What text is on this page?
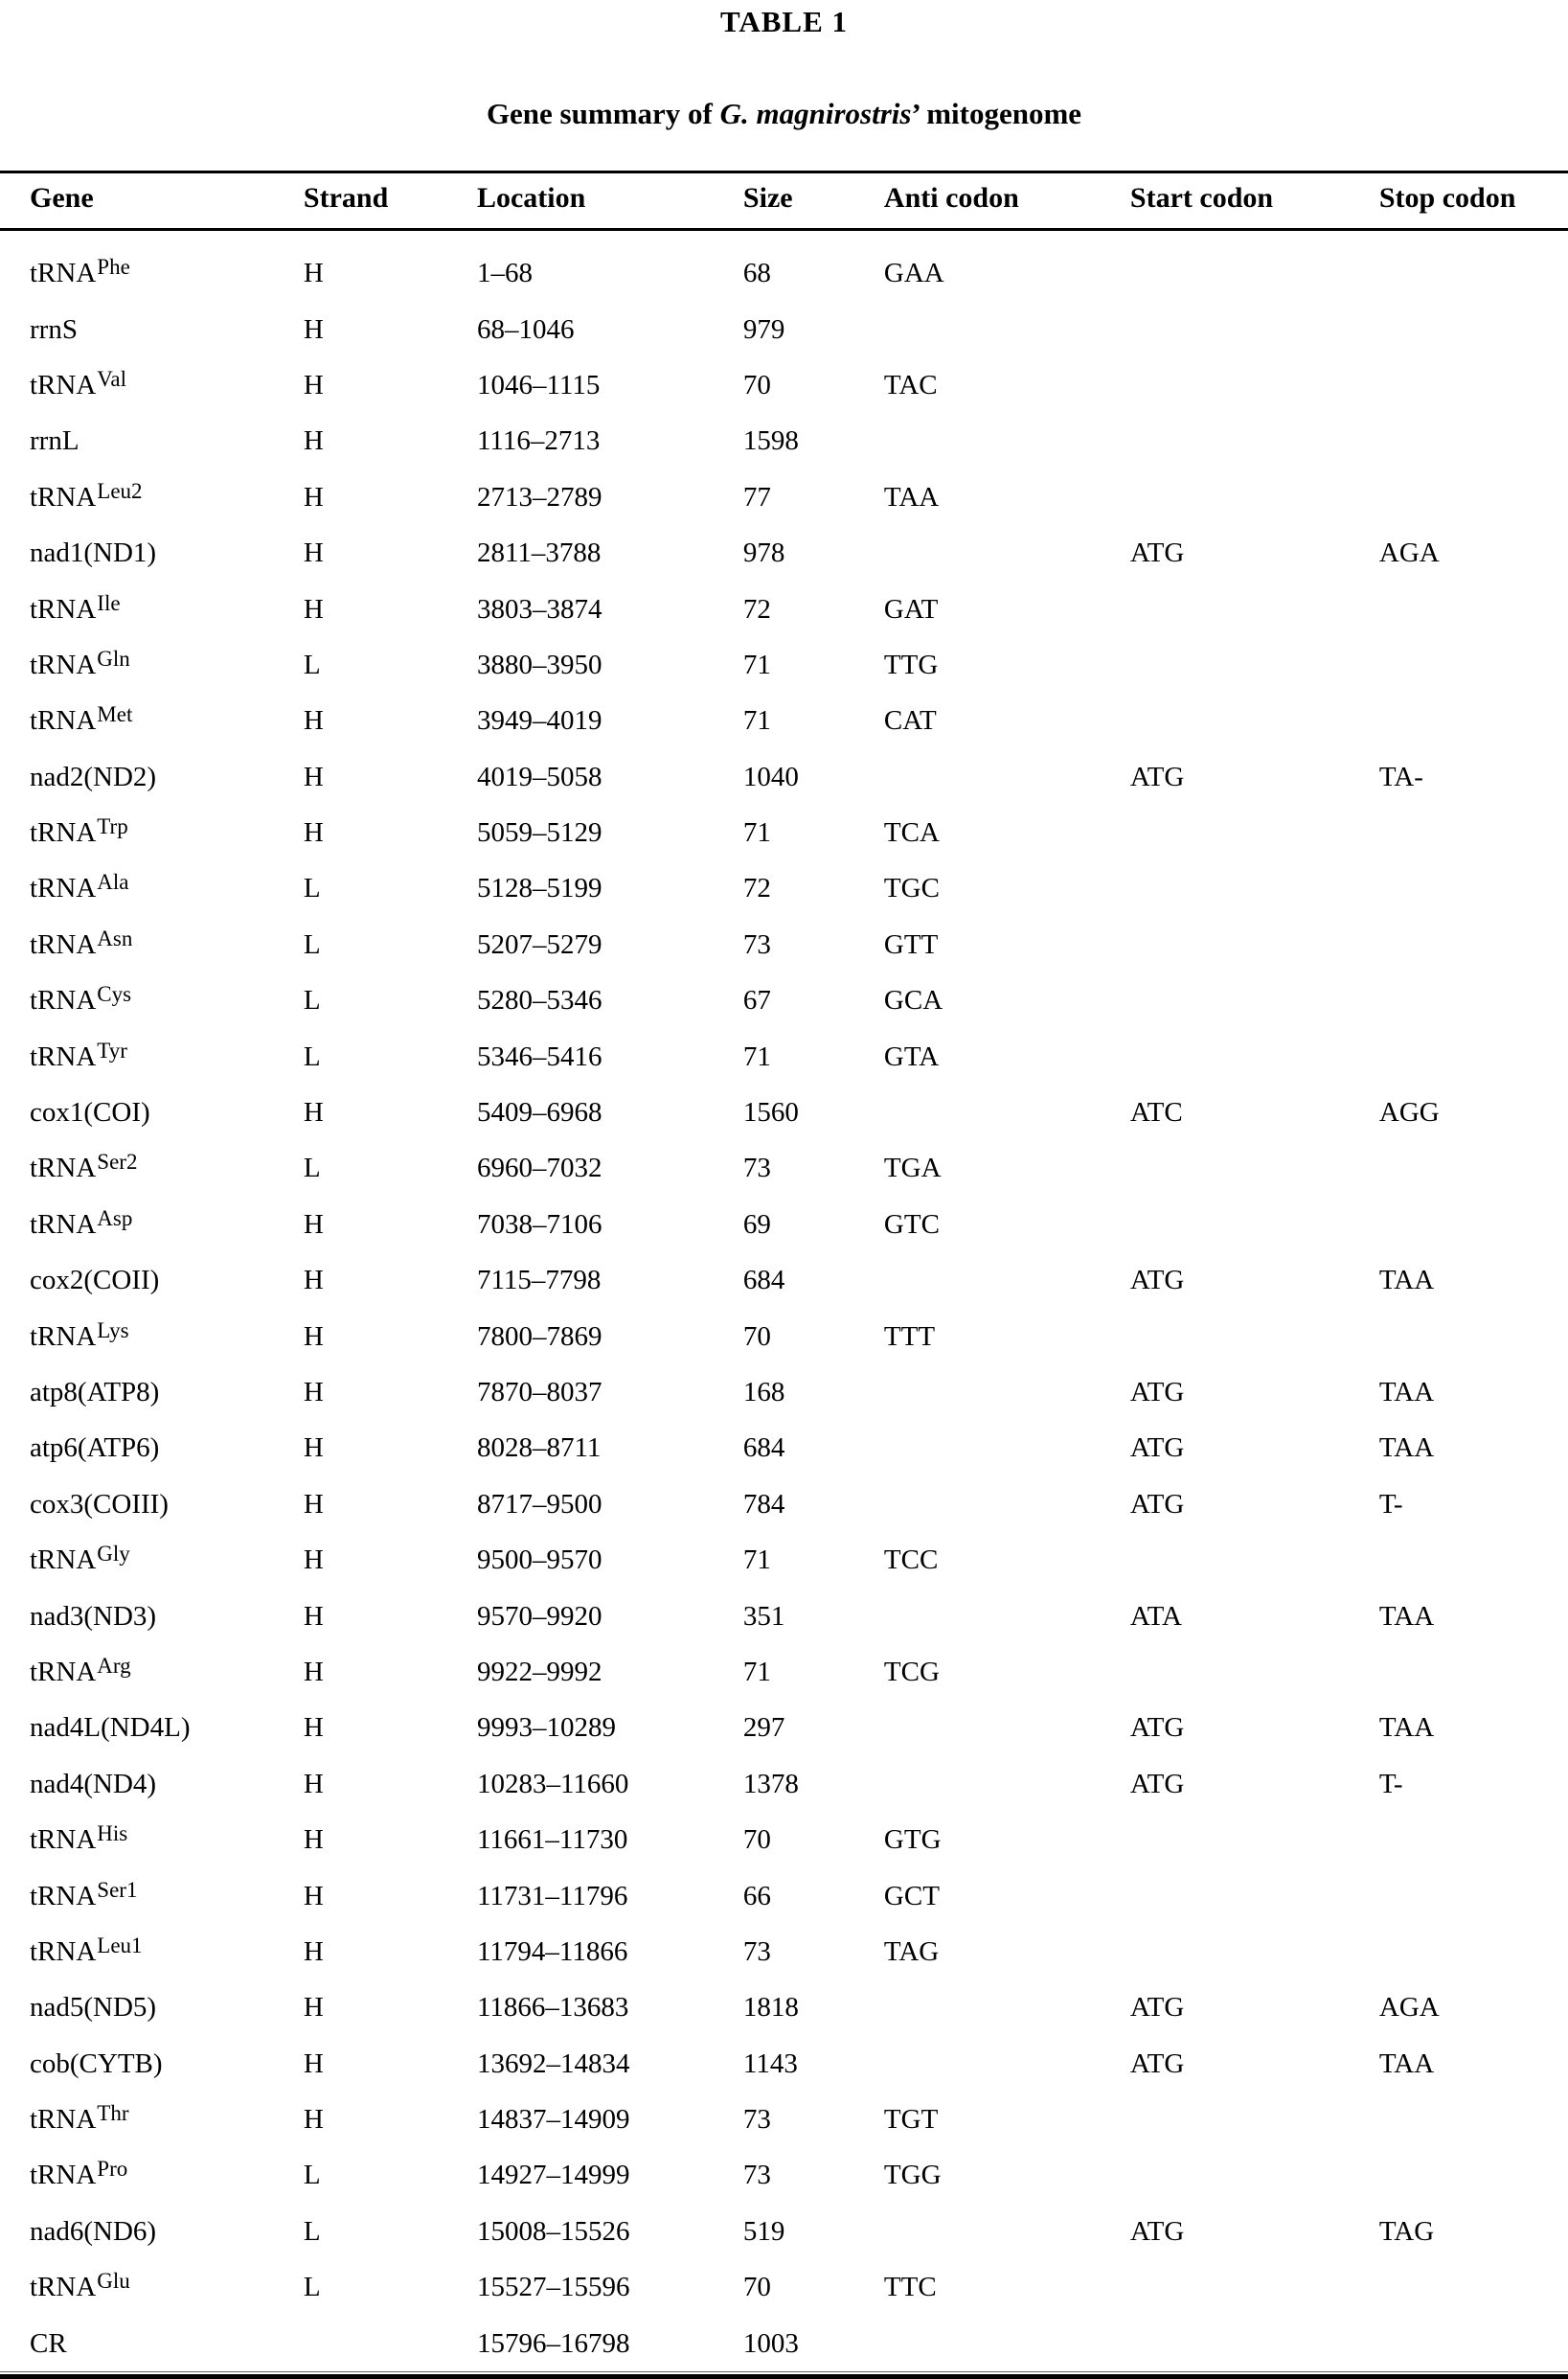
TABLE 1

Gene summary of G. magnirostris’ mitogenome

Gene	Strand	Location	Size	Anti codon	Start codon	Stop codon

tRNA$^{Phe}$	H	1–68	68	GAA		
rrnS	H	68–1046	979			
tRNA$^{Val}$	H	1046–1115	70	TAC		
rrnL	H	1116–2713	1598			
tRNA$^{Leu2}$	H	2713–2789	77	TAA		
nad1(ND1)	H	2811–3788	978		ATG	AGA
tRNA$^{Ile}$	H	3803–3874	72	GAT		
tRNA$^{Gln}$	L	3880–3950	71	TTG		
tRNA$^{Met}$	H	3949–4019	71	CAT		
nad2(ND2)	H	4019–5058	1040		ATG	TA-
tRNA$^{Trp}$	H	5059–5129	71	TCA		
tRNA$^{Ala}$	L	5128–5199	72	TGC		
tRNA$^{Asn}$	L	5207–5279	73	GTT		
tRNA$^{Cys}$	L	5280–5346	67	GCA		
tRNA$^{Tyr}$	L	5346–5416	71	GTA		
cox1(COI)	H	5409–6968	1560		ATC	AGG
tRNA$^{Ser2}$	L	6960–7032	73	TGA		
tRNA$^{Asp}$	H	7038–7106	69	GTC		
cox2(COII)	H	7115–7798	684		ATG	TAA
tRNA$^{Lys}$	H	7800–7869	70	TTT		
atp8(ATP8)	H	7870–8037	168		ATG	TAA
atp6(ATP6)	H	8028–8711	684		ATG	TAA
cox3(COIII)	H	8717–9500	784		ATG	T-
tRNA$^{Gly}$	H	9500–9570	71	TCC		
nad3(ND3)	H	9570–9920	351		ATA	TAA
tRNA$^{Arg}$	H	9922–9992	71	TCG		
nad4L(ND4L)	H	9993–10289	297		ATG	TAA
nad4(ND4)	H	10283–11660	1378		ATG	T-
tRNA$^{His}$	H	11661–11730	70	GTG		
tRNA$^{Ser1}$	H	11731–11796	66	GCT		
tRNA$^{Leu1}$	H	11794–11866	73	TAG		
nad5(ND5)	H	11866–13683	1818		ATG	AGA
cob(CYTB)	H	13692–14834	1143		ATG	TAA
tRNA$^{Thr}$	H	14837–14909	73	TGT		
tRNA$^{Pro}$	L	14927–14999	73	TGG		
nad6(ND6)	L	15008–15526	519		ATG	TAG
tRNA$^{Glu}$	L	15527–15596	70	TTC		
CR		15796–16798	1003			
